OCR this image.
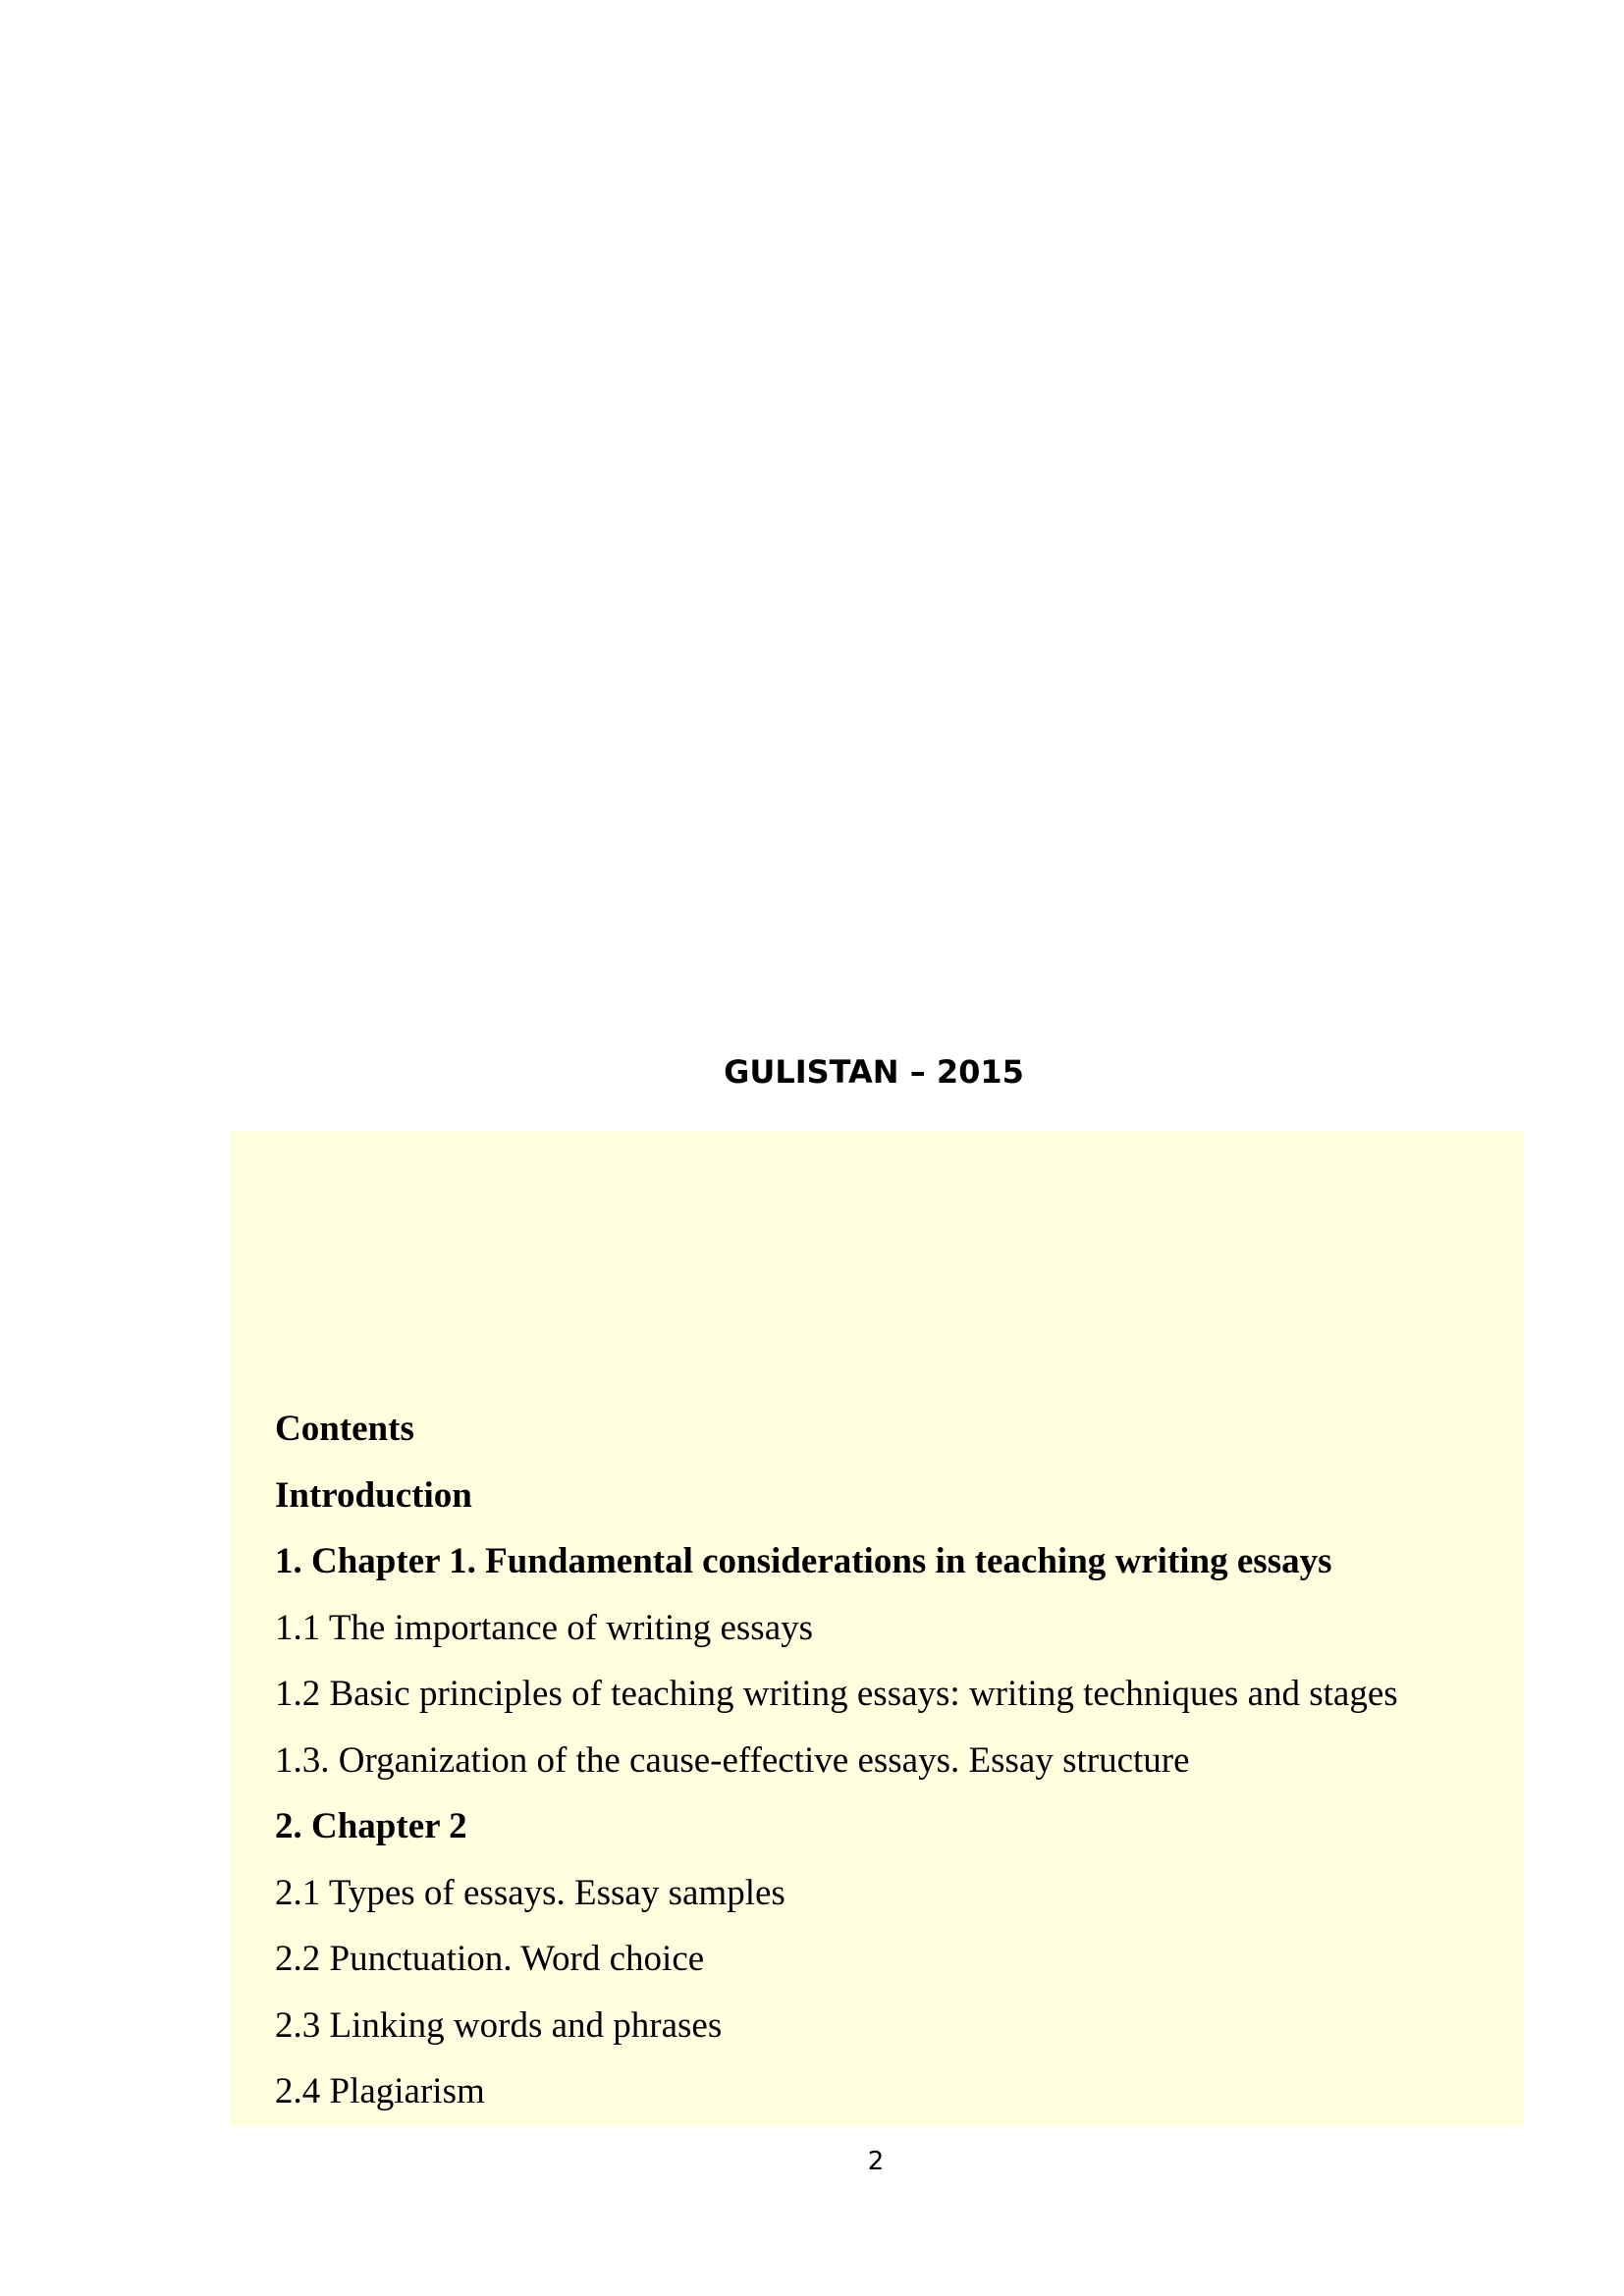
GULISTAN – 2015
Contents
Introduction
1. Chapter 1. Fundamental considerations in teaching writing essays
1.1 The importance of writing essays
1.2 Basic principles of teaching writing essays: writing techniques and stages
1.3. Organization of the cause-effective essays. Essay structure
2. Chapter 2
2.1 Types of essays. Essay samples
2.2 Punctuation. Word choice
2.3 Linking words and phrases
2.4 Plagiarism
2
